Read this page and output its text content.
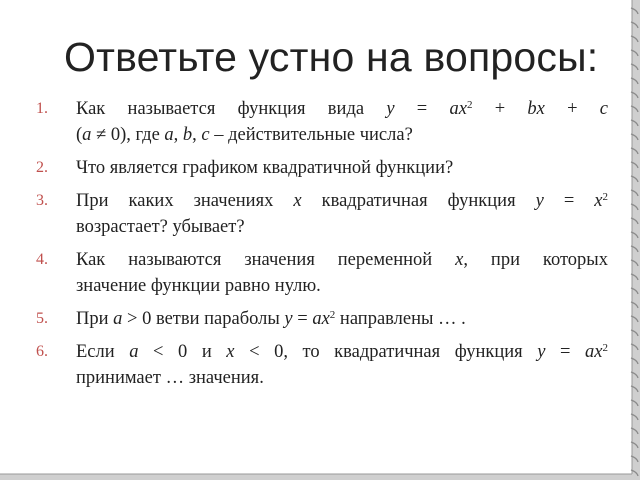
Ответьте устно на вопросы:
1. Как называется функция вида $y = ax^2$ + bx + c
(a ≠ 0), где a, b, c – действительные числа?
2. Что является графиком квадратичной функции?
3. При каких значениях x квадратичная функция $y = x^2$
возрастает? убывает?
4. Как называются значения переменной x, при которых
значение функции равно нулю.
5. При a > 0 ветви параболы $y = ax^2$ направлены … .
6. Если a < 0 и x < 0, то квадратичная функция $y = ax^2$
принимает … значения.
